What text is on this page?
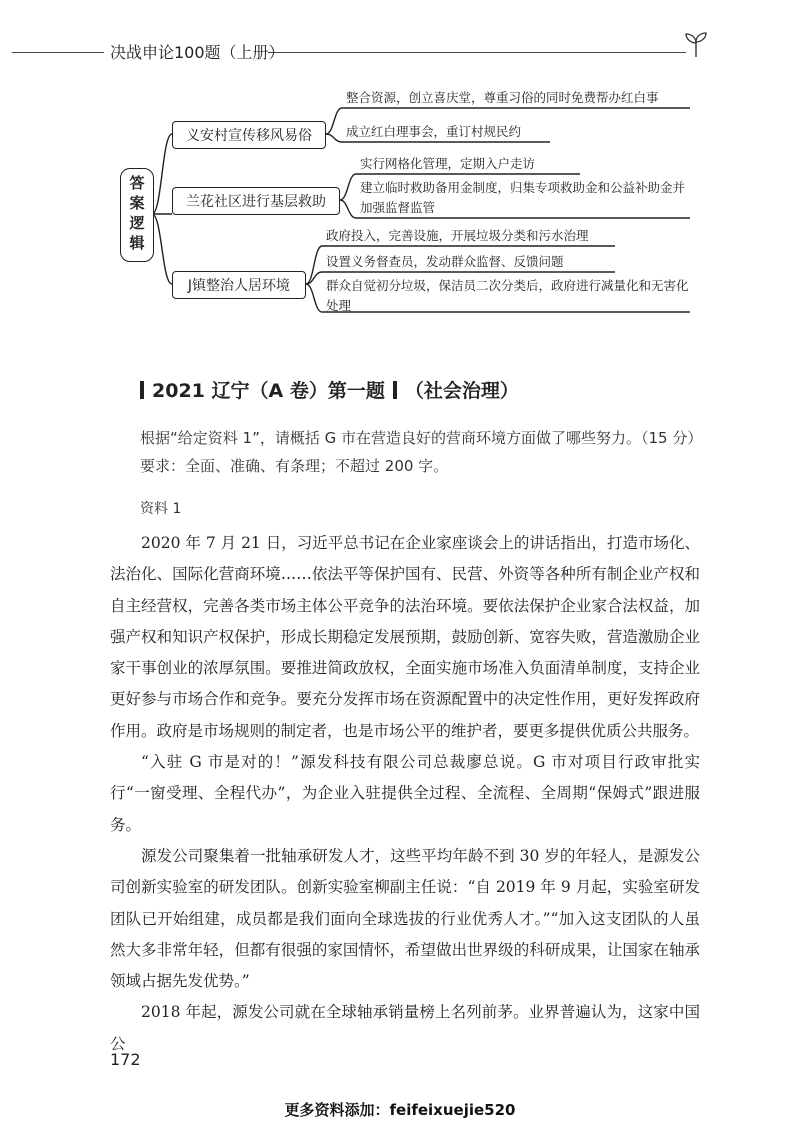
决战申论100题（上册）
答案逻辑
义安村宣传移风易俗
整合资源，创立喜庆堂，尊重习俗的同时免费帮办红白事
成立红白理事会，重订村规民约
兰花社区进行基层救助
实行网格化管理，定期入户走访
建立临时救助备用金制度，归集专项救助金和公益补助金并加强监督监管
J镇整治人居环境
政府投入，完善设施，开展垃圾分类和污水治理
设置义务督查员，发动群众监督、反馈问题
群众自觉初分垃圾，保洁员二次分类后，政府进行减量化和无害化处理
2021 辽宁（A 卷）第一题 （社会治理）
根据“给定资料 1”，请概括 G 市在营造良好的营商环境方面做了哪些努力。（15 分）
要求：全面、准确、有条理；不超过 200 字。
资料 1

2020 年 7 月 21 日，习近平总书记在企业家座谈会上的讲话指出，打造市场化、法治化、国际化营商环境……依法平等保护国有、民营、外资等各种所有制企业产权和自主经营权，完善各类市场主体公平竞争的法治环境。要依法保护企业家合法权益，加强产权和知识产权保护，形成长期稳定发展预期，鼓励创新、宽容失败，营造激励企业家干事创业的浓厚氛围。要推进简政放权，全面实施市场准入负面清单制度，支持企业更好参与市场合作和竞争。要充分发挥市场在资源配置中的决定性作用，更好发挥政府作用。政府是市场规则的制定者，也是市场公平的维护者，要更多提供优质公共服务。

“入驻 G 市是对的！”源发科技有限公司总裁廖总说。G 市对项目行政审批实行“一窗受理、全程代办”，为企业入驻提供全过程、全流程、全周期“保姆式”跟进服务。

源发公司聚集着一批轴承研发人才，这些平均年龄不到 30 岁的年轻人，是源发公司创新实验室的研发团队。创新实验室柳副主任说：“自 2019 年 9 月起，实验室研发团队已开始组建，成员都是我们面向全球选拔的行业优秀人才。”“加入这支团队的人虽然大多非常年轻，但都有很强的家国情怀，希望做出世界级的科研成果，让国家在轴承领域占据先发优势。”

2018 年起，源发公司就在全球轴承销量榜上名列前茅。业界普遍认为，这家中国公

172
更多资料添加：feifeixuejie520
